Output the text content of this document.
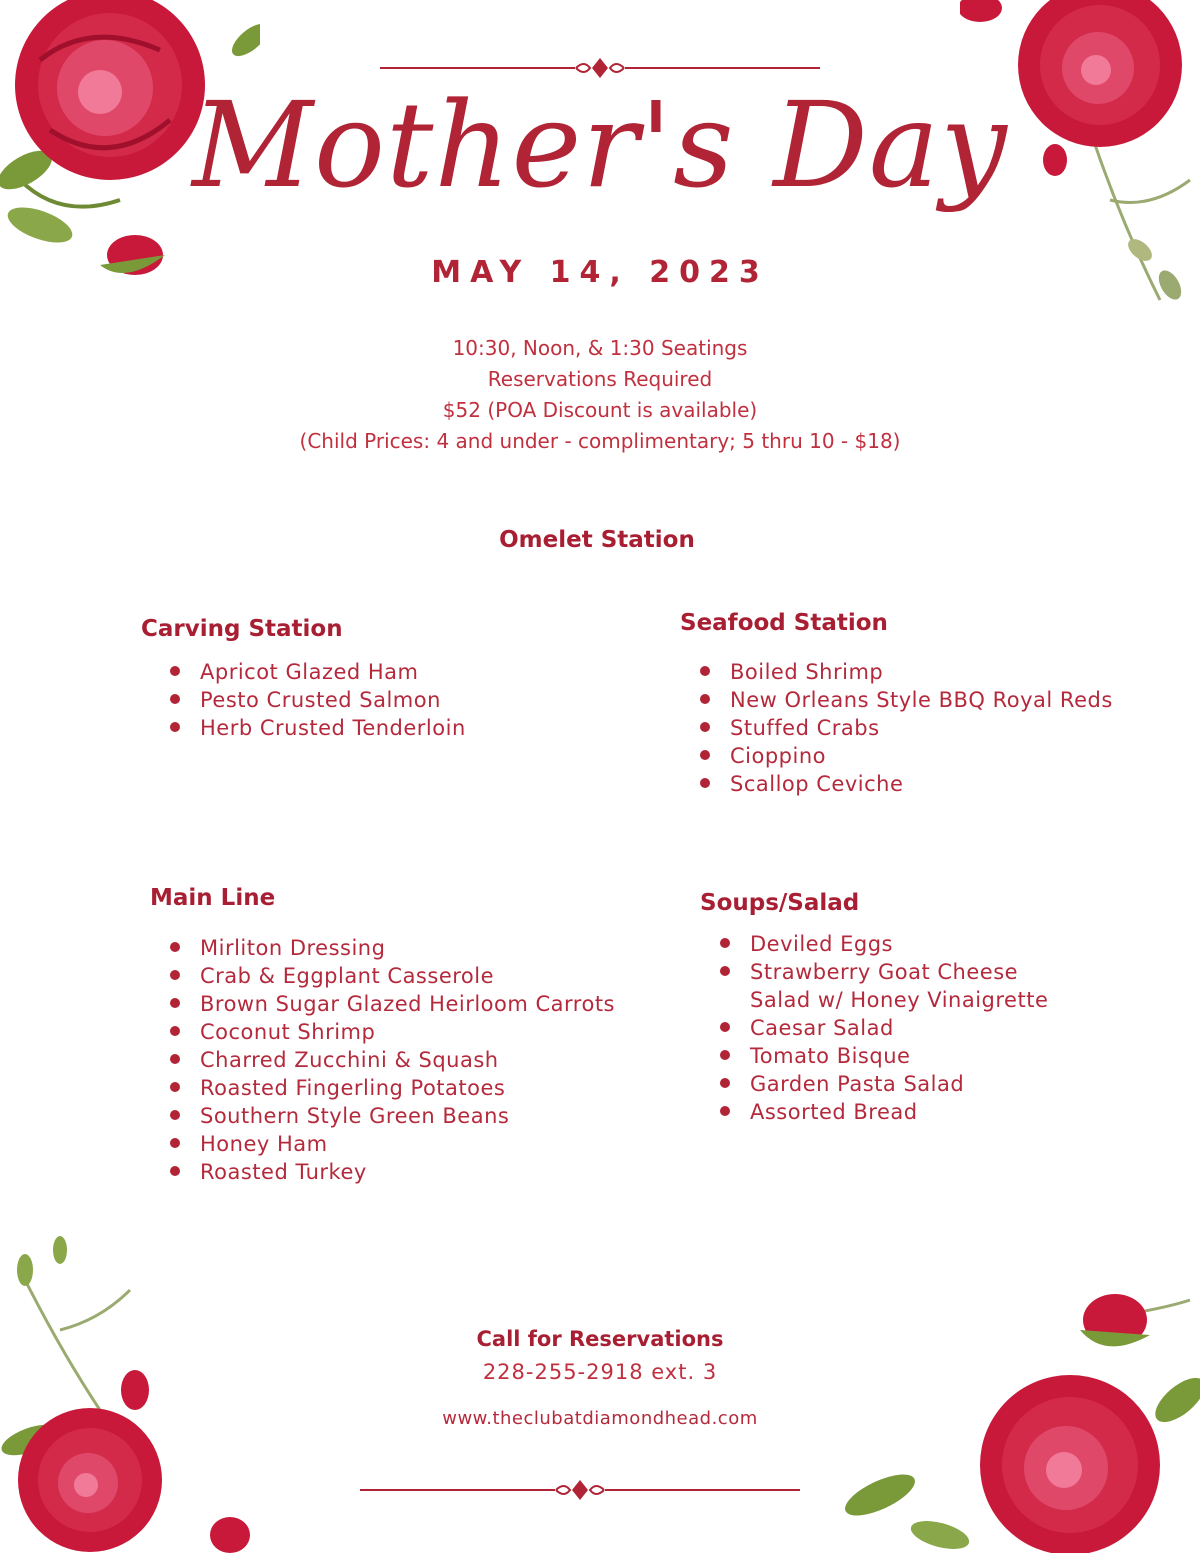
Mother's Day
MAY 14, 2023
10:30, Noon, & 1:30 Seatings
Reservations Required
$52 (POA Discount is available)
(Child Prices: 4 and under - complimentary; 5 thru 10 - $18)
Omelet Station
Carving Station
Apricot Glazed Ham
Pesto Crusted Salmon
Herb Crusted Tenderloin
Seafood Station
Boiled Shrimp
New Orleans Style BBQ Royal Reds
Stuffed Crabs
Cioppino
Scallop Ceviche
Main Line
Mirliton Dressing
Crab & Eggplant Casserole
Brown Sugar Glazed Heirloom Carrots
Coconut Shrimp
Charred Zucchini & Squash
Roasted Fingerling Potatoes
Southern Style Green Beans
Honey Ham
Roasted Turkey
Soups/Salad
Deviled Eggs
Strawberry Goat Cheese
Salad w/ Honey Vinaigrette
Caesar Salad
Tomato Bisque
Garden Pasta Salad
Assorted Bread
Call for Reservations
228-255-2918 ext. 3
www.theclubatdiamondhead.com
